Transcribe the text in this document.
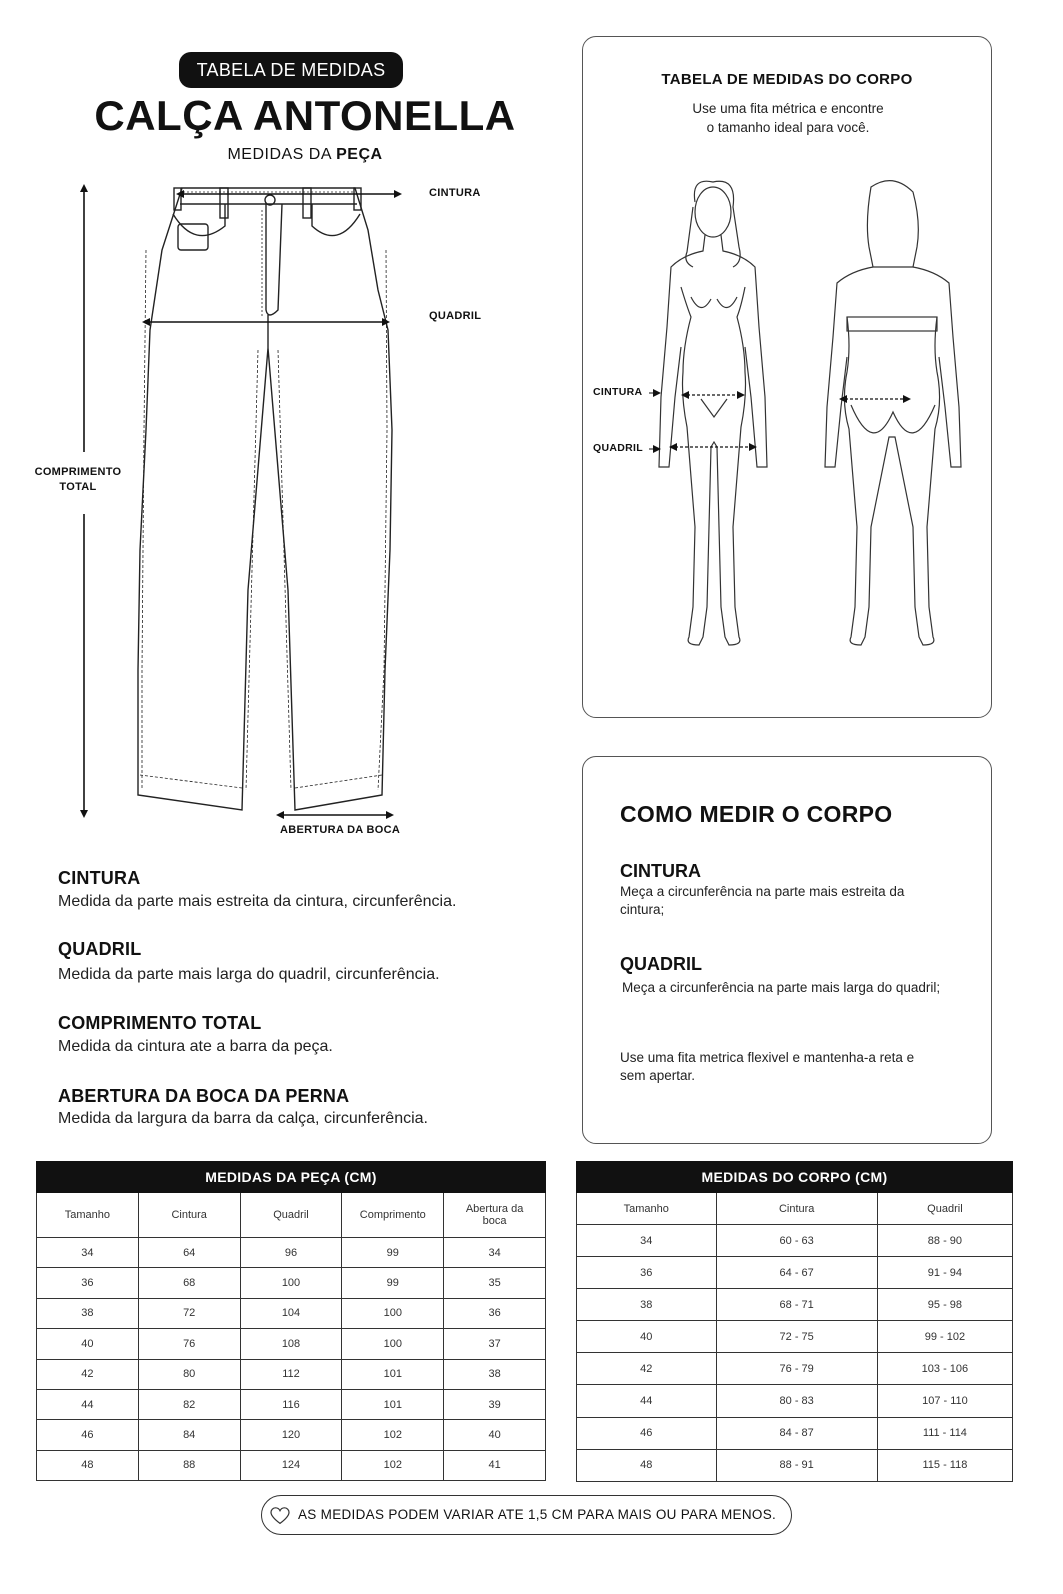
TABELA DE MEDIDAS
CALÇA ANTONELLA
MEDIDAS DA PEÇA
CINTURA
QUADRIL
COMPRIMENTO
TOTAL
ABERTURA DA BOCA
TABELA DE MEDIDAS DO CORPO
Use uma fita métrica e encontre
o tamanho ideal para você.
CINTURA
QUADRIL
COMO MEDIR O CORPO
CINTURA
Meça a circunferência na parte mais estreita da cintura;
QUADRIL
Meça a circunferência na parte mais larga do quadril;
Use uma fita metrica flexivel e mantenha-a reta e sem apertar.
CINTURA
Medida da parte mais estreita da cintura, circunferência.
QUADRIL
Medida da parte mais larga do quadril, circunferência.
COMPRIMENTO TOTAL
Medida da cintura ate a barra da peça.
ABERTURA DA BOCA DA PERNA
Medida da largura da barra da calça, circunferência.
	MEDIDAS DA PEÇA (CM)			
Tamanho	Cintura	Quadril	Comprimento	Abertura da boca
34	64	96	99	34
36	68	100	99	35
38	72	104	100	36
40	76	108	100	37
42	80	112	101	38
44	82	116	101	39
46	84	120	102	40
48	88	124	102	41
MEDIDAS DO CORPO (CM)		
Tamanho	Cintura	Quadril
34	60 - 63	88 - 90
36	64 - 67	91 - 94
38	68 - 71	95 - 98
40	72 - 75	99 - 102
42	76 - 79	103 - 106
44	80 - 83	107 - 110
46	84 - 87	111 - 114
48	88 - 91	115 - 118
AS MEDIDAS PODEM VARIAR ATE 1,5 CM PARA MAIS OU PARA MENOS.
